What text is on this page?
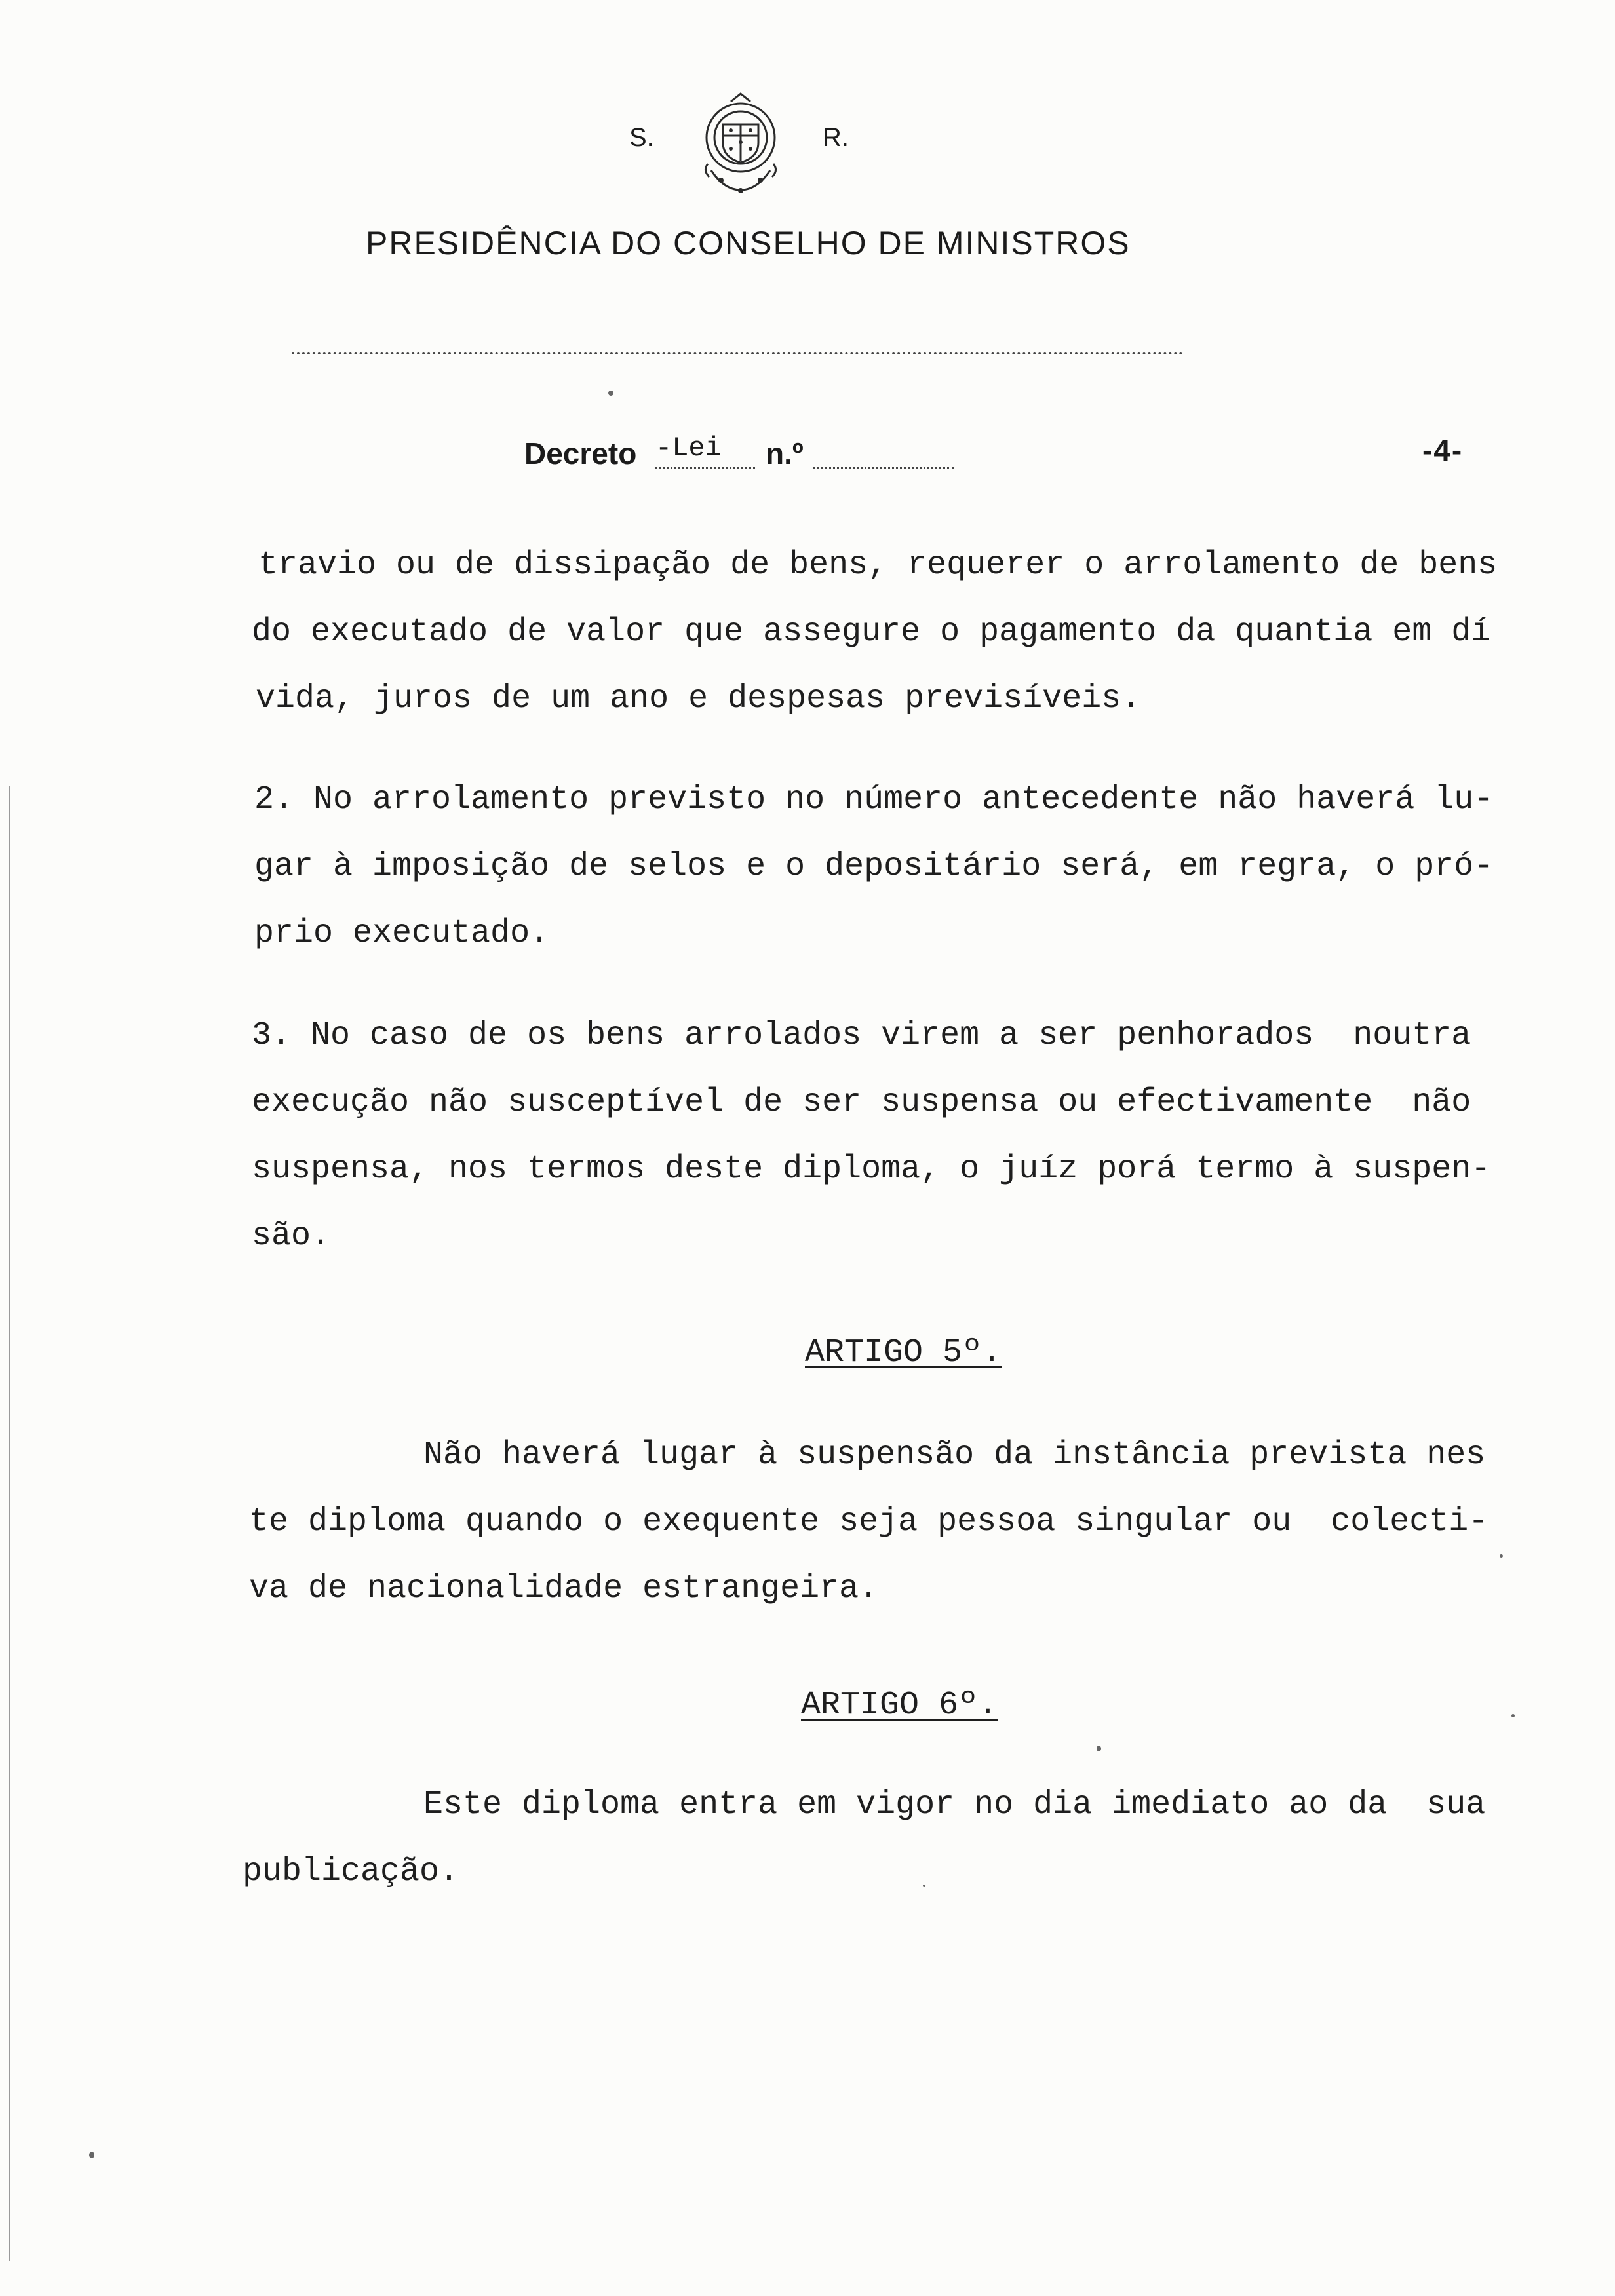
S.	R.
PRESIDÊNCIA DO CONSELHO DE MINISTROS
Decreto -Lei n.º	-4-

travio ou de dissipação de bens, requerer o arrolamento de bens

do executado de valor que assegure o pagamento da quantia em dí

vida, juros de um ano e despesas previsíveis.

2. No arrolamento previsto no número antecedente não haverá lu-

gar à imposição de selos e o depositário será, em regra, o pró-

prio executado.

3. No caso de os bens arrolados virem a ser penhorados  noutra

execução não susceptível de ser suspensa ou efectivamente  não

suspensa, nos termos deste diploma, o juíz porá termo à suspen-

são.

ARTIGO 5º.

Não haverá lugar à suspensão da instância prevista nes

te diploma quando o exequente seja pessoa singular ou  colecti-

va de nacionalidade estrangeira.

ARTIGO 6º.

Este diploma entra em vigor no dia imediato ao da  sua

publicação.
